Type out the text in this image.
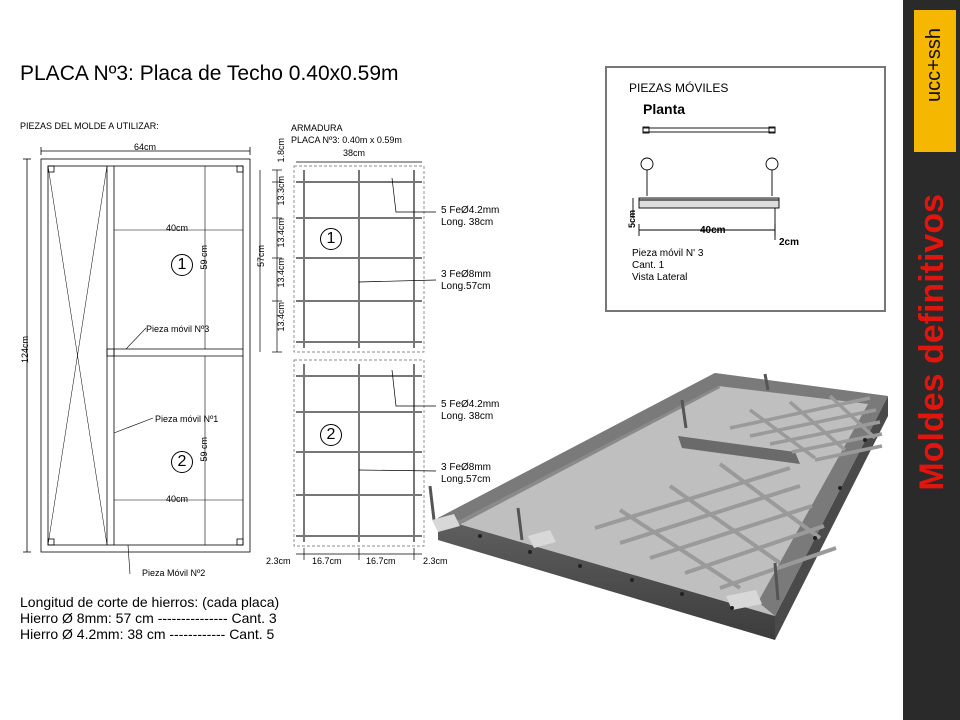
PLACA Nº3: Placa de Techo 0.40x0.59m
PIEZAS DEL MOLDE A UTILIZAR:
64cm
124cm
40cm
59 cm
1
Pieza móvil Nº3
Pieza móvil Nº1
59 cm
2
40cm
Pieza Móvil Nº2
ARMADURA
PLACA Nº3: 0.40m x 0.59m
38cm
1.8cm
13.3cm
13.4cm
13.4cm
13.4cm
57cm
1
2
5 FeØ4.2mm
Long. 38cm
3 FeØ8mm
Long.57cm
5 FeØ4.2mm
Long. 38cm
3 FeØ8mm
Long.57cm
2.3cm 16.7cm	16.7cm	2.3cm
Longitud de corte de hierros: (cada placa)
Hierro Ø 8mm: 57 cm --------------- Cant. 3
Hierro Ø 4.2mm: 38 cm ------------ Cant. 5
PIEZAS MÓVILES
Planta
5cm
40cm
2cm
Pieza móvil N' 3
Cant. 1
Vista Lateral
ucc+ssh
Moldes definitivos
